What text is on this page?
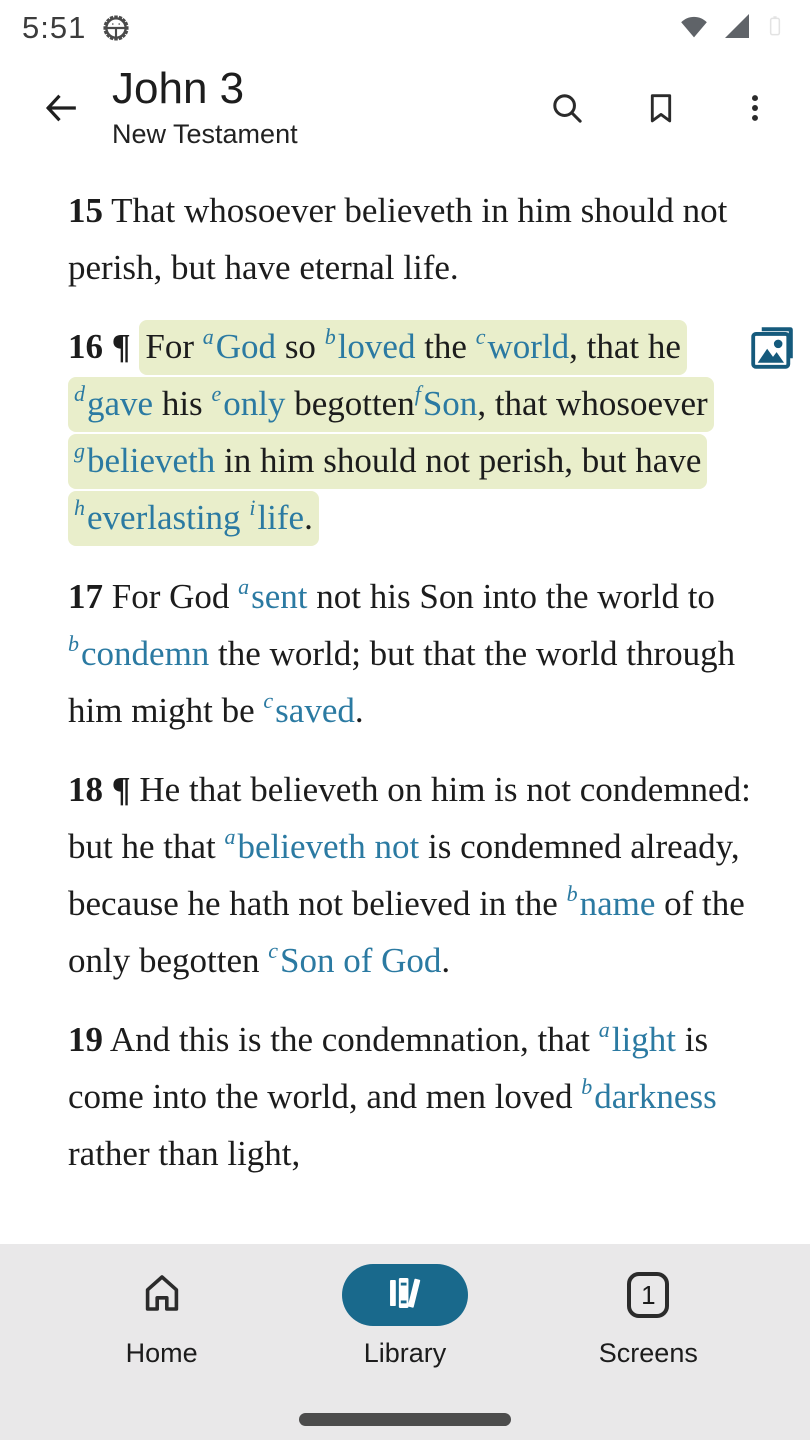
5:51
John 3
New Testament

15 That whosoever believeth in him should not perish, but have eternal life.

16 ¶ For $^a$God so $^b$loved the $^c$world, that he $^d$gave his $^e$only begotten$^f$Son, that whosoever $^g$believeth in him should not perish, but have $^h$everlasting $^i$life.

17 For God $^a$sent not his Son into the world to $^b$condemn the world; but that the world through him might be $^c$saved.

18 ¶ He that believeth on him is not condemned: but he that $^a$believeth not is condemned already, because he hath not believed in the $^b$name of the only begotten $^c$Son of God.

19 And this is the condemnation, that $^a$light is come into the world, and men loved $^b$darkness rather than light,

Home	Library
1
Screens
